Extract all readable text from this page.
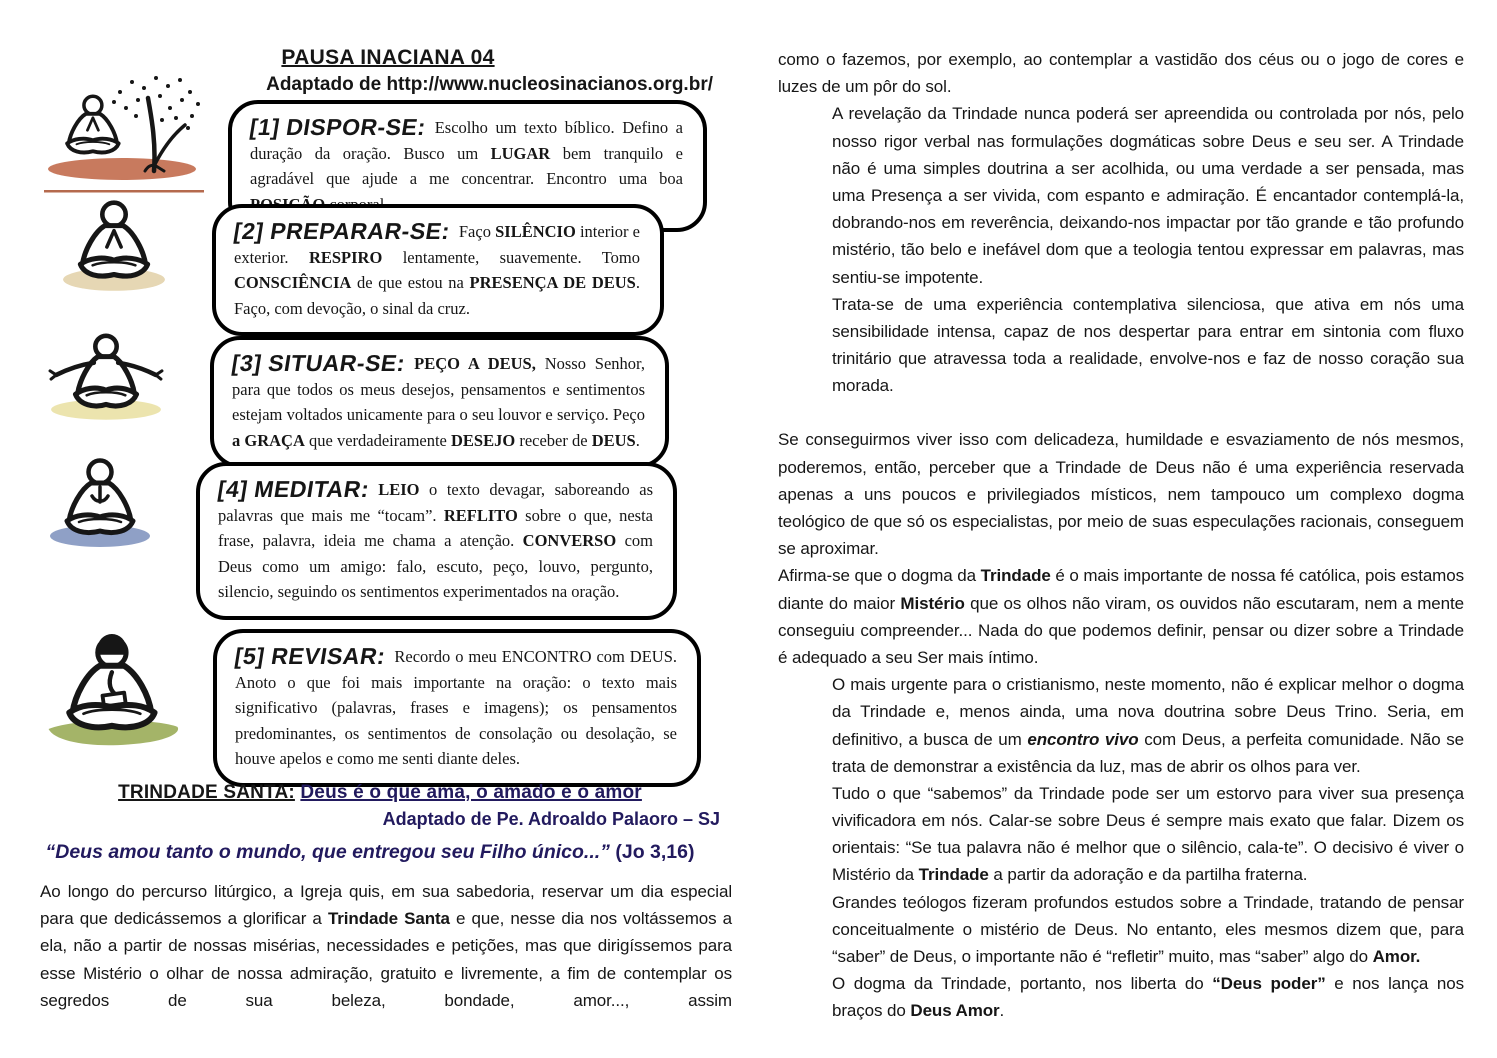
PAUSA INACIANA 04
Adaptado de http://www.nucleosinacianos.org.br/
[1] DISPOR-SE: Escolho um texto bíblico. Defino a duração da oração. Busco um LUGAR bem tranquilo e agradável que ajude a me concentrar. Encontro uma boa
[2] PREPARAR-SE: Faço SILÊNCIO interior e exterior. RESPIRO lentamente, suavemente. Tomo CONSCIÊNCIA de que estou na PRESENÇA DE DEUS. Faço, com devoção, o sinal da cruz.
[3] SITUAR-SE: PEÇO A DEUS, Nosso Senhor, para que todos os meus desejos, pensamentos e sentimentos estejam voltados unicamente para o seu louvor e serviço. Peço a GRAÇA que verdadeiramente DESEJO receber de DEUS.
[4] MEDITAR: LEIO o texto devagar, saboreando as palavras que mais me “tocam”. REFLITO sobre o que, nesta frase, palavra, ideia me chama a atenção. CONVERSO com Deus como um amigo: falo, escuto, peço, louvo, pergunto, silencio, seguindo os sentimentos experimentados na oração.
[5] REVISAR: Recordo o meu ENCONTRO com DEUS. Anoto o que foi mais importante na oração: o texto mais significativo (palavras, frases e imagens); os pensamentos predominantes, os sentimentos de consolação ou desolação, se houve apelos e como me senti diante deles.
TRINDADE SANTA: Deus é o que ama, o amado e o amor
Adaptado de Pe. Adroaldo Palaoro – SJ
“Deus amou tanto o mundo, que entregou seu Filho único...” (Jo 3,16)

Ao longo do percurso litúrgico, a Igreja quis, em sua sabedoria, reservar um dia especial para que dedicássemos a glorificar a Trindade Santa e que, nesse dia nos voltássemos a ela, não a partir de nossas misérias, necessidades e petições, mas que dirigíssemos para esse Mistério o olhar de nossa admiração, gratuito e livremente, a fim de contemplar os segredos de sua beleza, bondade, amor..., assim

como o fazemos, por exemplo, ao contemplar a vastidão dos céus ou o jogo de cores e luzes de um pôr do sol.

A revelação da Trindade nunca poderá ser apreendida ou controlada por nós, pelo nosso rigor verbal nas formulações dogmáticas sobre Deus e seu ser. A Trindade não é uma simples doutrina a ser acolhida, ou uma verdade a ser pensada, mas uma Presença a ser vivida, com espanto e admiração. É encantador contemplá-la, dobrando-nos em reverência, deixando-nos impactar por tão grande e tão profundo mistério, tão belo e inefável dom que a teologia tentou expressar em palavras, mas sentiu-se impotente.

Trata-se de uma experiência contemplativa silenciosa, que ativa em nós uma sensibilidade intensa, capaz de nos despertar para entrar em sintonia com fluxo trinitário que atravessa toda a realidade, envolve-nos e faz de nosso coração sua morada.

Se conseguirmos viver isso com delicadeza, humildade e esvaziamento de nós mesmos, poderemos, então, perceber que a Trindade de Deus não é uma experiência reservada apenas a uns poucos e privilegiados místicos, nem tampouco um complexo dogma teológico de que só os especialistas, por meio de suas especulações racionais, conseguem se aproximar.

Afirma-se que o dogma da Trindade é o mais importante de nossa fé católica, pois estamos diante do maior Mistério que os olhos não viram, os ouvidos não escutaram, nem a mente conseguiu compreender... Nada do que podemos definir, pensar ou dizer sobre a Trindade é adequado a seu Ser mais íntimo.

O mais urgente para o cristianismo, neste momento, não é explicar melhor o dogma da Trindade e, menos ainda, uma nova doutrina sobre Deus Trino. Seria, em definitivo, a busca de um encontro vivo com Deus, a perfeita comunidade. Não se trata de demonstrar a existência da luz, mas de abrir os olhos para ver.

Tudo o que “sabemos” da Trindade pode ser um estorvo para viver sua presença vivificadora em nós. Calar-se sobre Deus é sempre mais exato que falar. Dizem os orientais: “Se tua palavra não é melhor que o silêncio, cala-te”. O decisivo é viver o Mistério da Trindade a partir da adoração e da partilha fraterna.

Grandes teólogos fizeram profundos estudos sobre a Trindade, tratando de pensar conceitualmente o mistério de Deus. No entanto, eles mesmos dizem que, para “saber” de Deus, o importante não é “refletir” muito, mas “saber” algo do Amor.

O dogma da Trindade, portanto, nos liberta do “Deus poder” e nos lança nos braços do Deus Amor.
